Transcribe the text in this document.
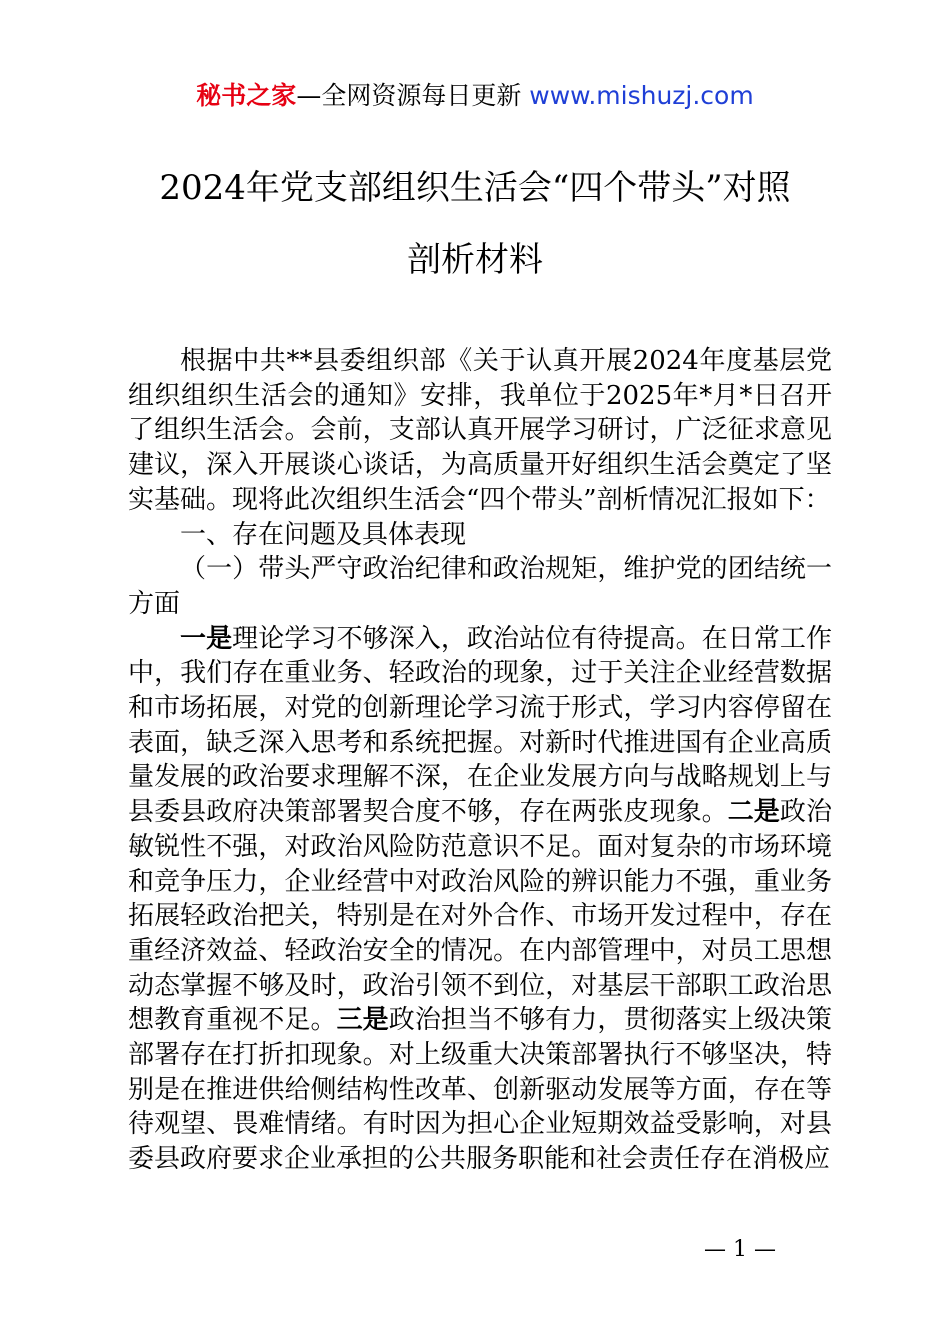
秘书之家—全网资源每日更新 www.mishuzj.com
2024年党支部组织生活会“四个带头”对照
剖析材料

根据中共**县委组织部《关于认真开展2024年度基层党组织组织生活会的通知》安排，我单位于2025年*月*日召开了组织生活会。会前，支部认真开展学习研讨，广泛征求意见建议，深入开展谈心谈话，为高质量开好组织生活会奠定了坚实基础。现将此次组织生活会“四个带头”剖析情况汇报如下：

一、存在问题及具体表现

（一）带头严守政治纪律和政治规矩，维护党的团结统一方面

一是理论学习不够深入，政治站位有待提高。在日常工作中，我们存在重业务、轻政治的现象，过于关注企业经营数据和市场拓展，对党的创新理论学习流于形式，学习内容停留在表面，缺乏深入思考和系统把握。对新时代推进国有企业高质量发展的政治要求理解不深，在企业发展方向与战略规划上与县委县政府决策部署契合度不够，存在两张皮现象。二是政治敏锐性不强，对政治风险防范意识不足。面对复杂的市场环境和竞争压力，企业经营中对政治风险的辨识能力不强，重业务拓展轻政治把关，特别是在对外合作、市场开发过程中，存在重经济效益、轻政治安全的情况。在内部管理中，对员工思想动态掌握不够及时，政治引领不到位，对基层干部职工政治思想教育重视不足。三是政治担当不够有力，贯彻落实上级决策部署存在打折扣现象。对上级重大决策部署执行不够坚决，特别是在推进供给侧结构性改革、创新驱动发展等方面，存在等待观望、畏难情绪。有时因为担心企业短期效益受影响，对县委县政府要求企业承担的公共服务职能和社会责任存在消极应

— 1 —
